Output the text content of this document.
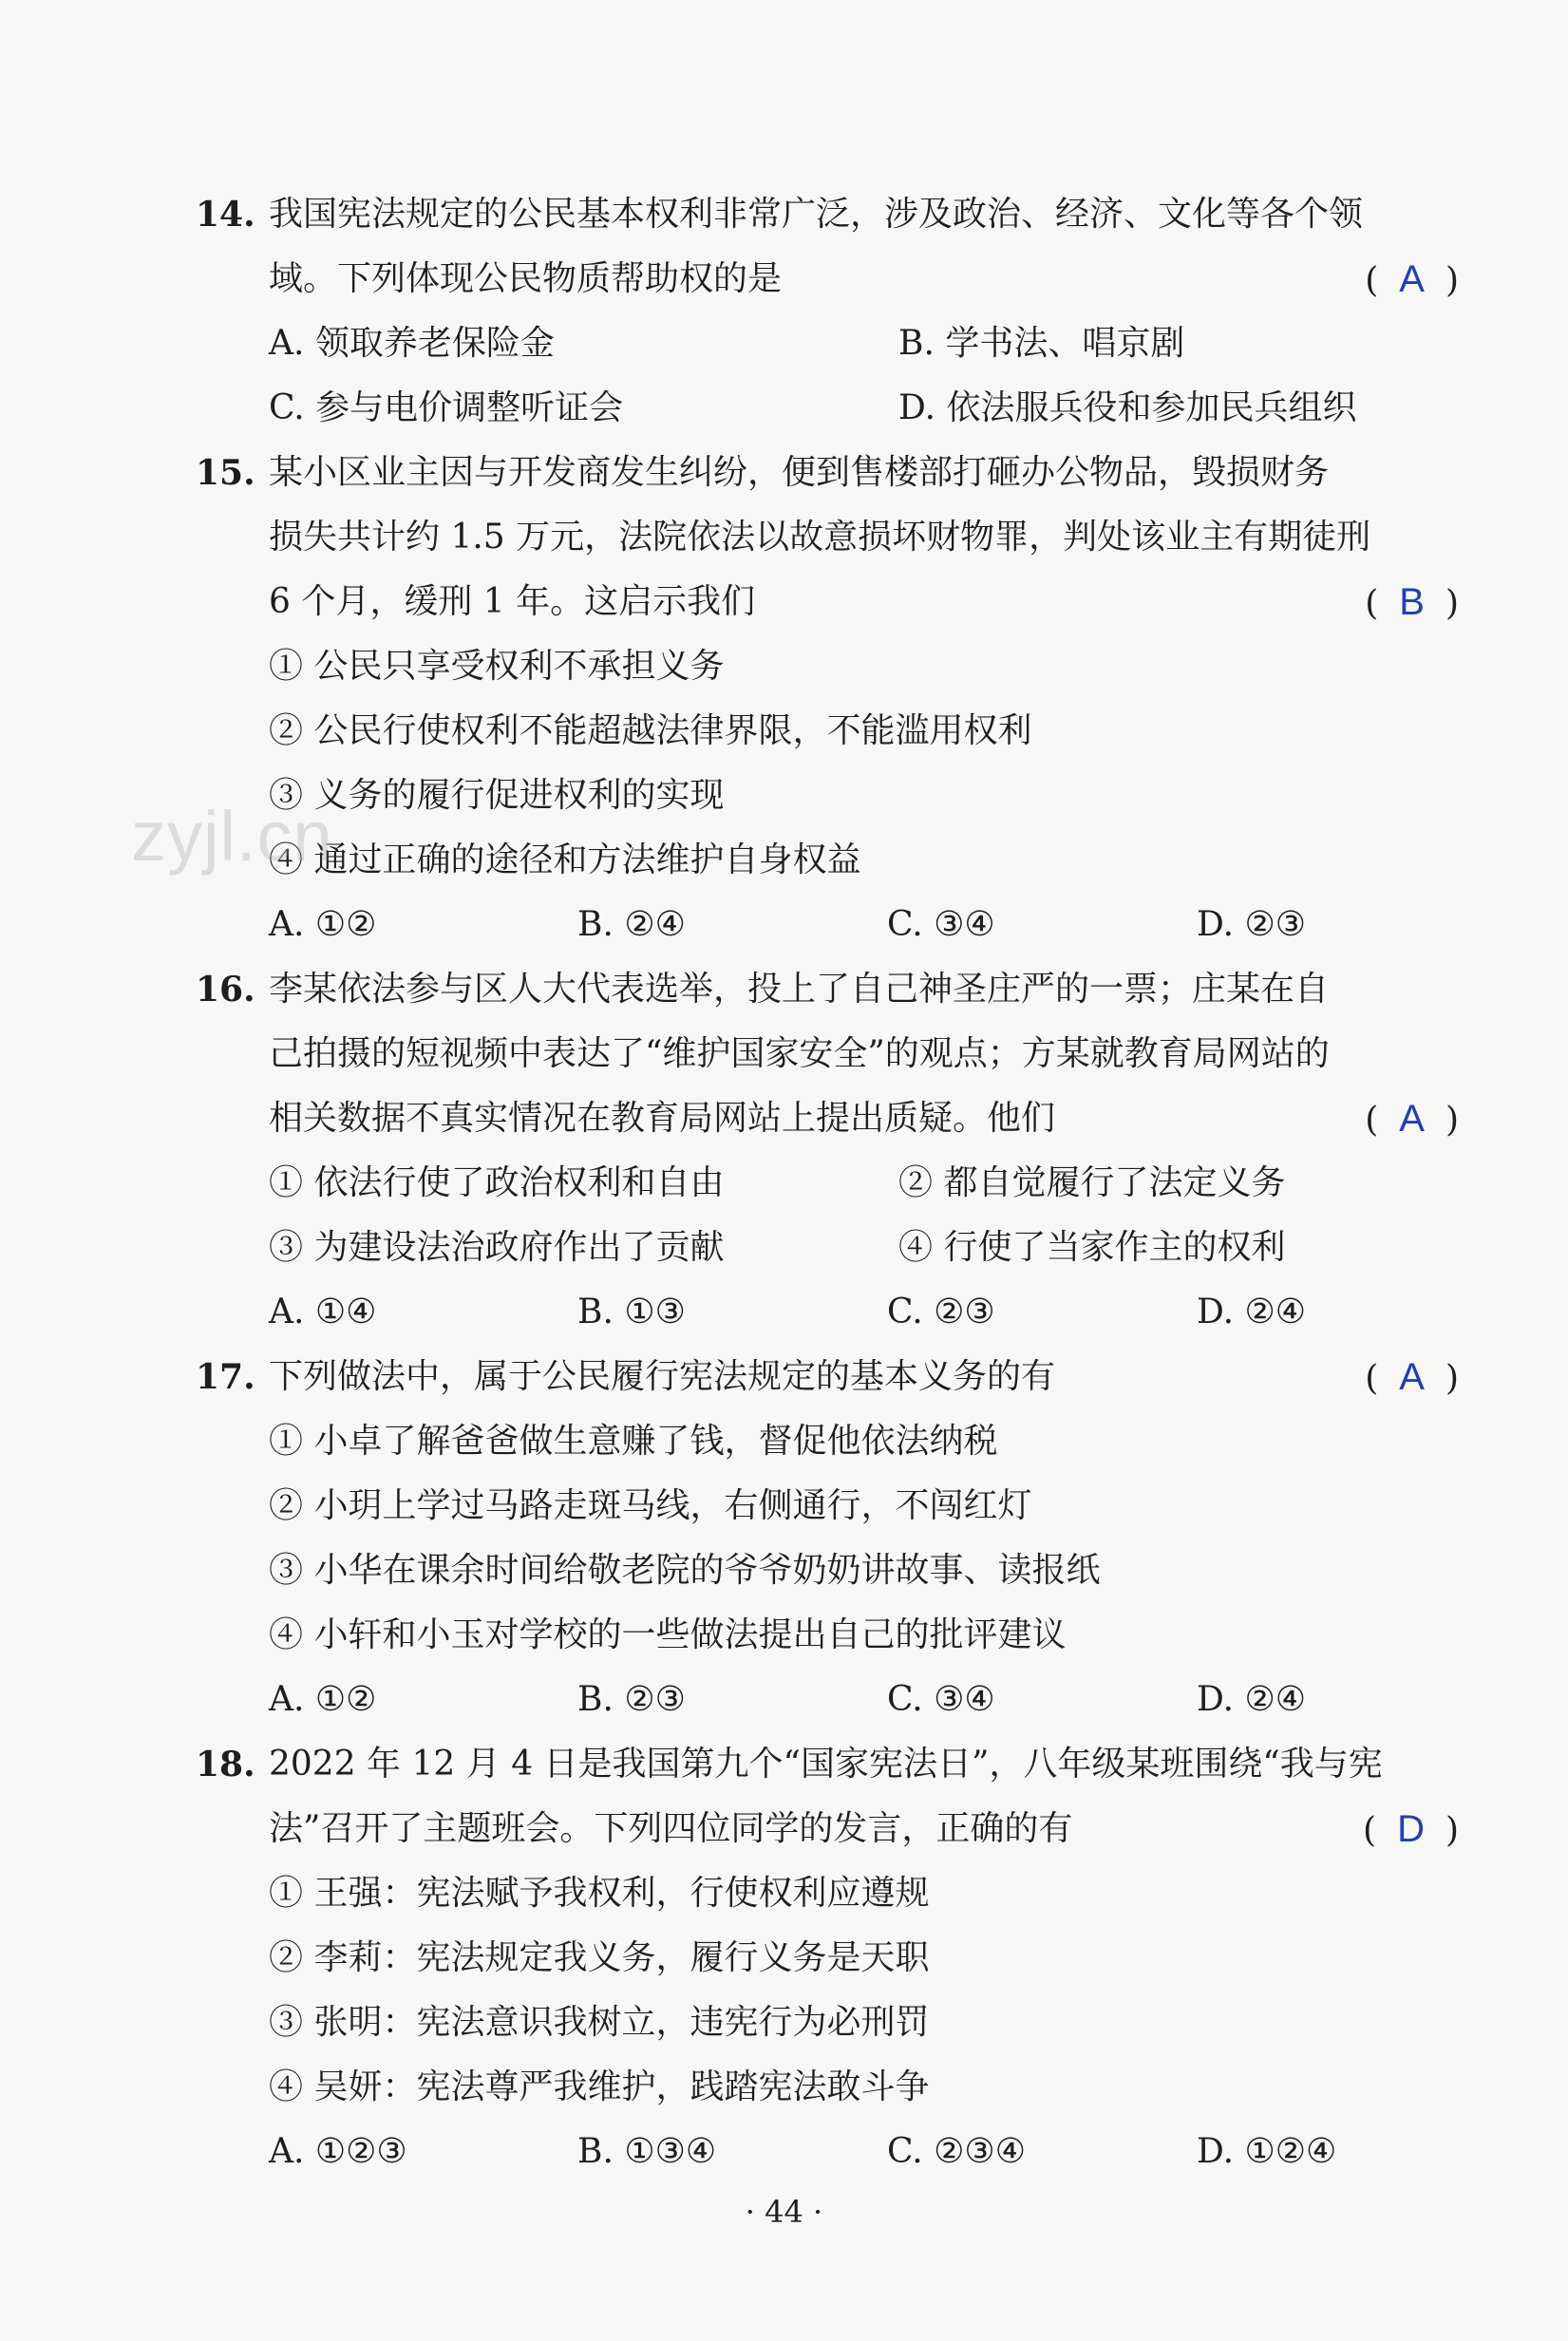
14. 我国宪法规定的公民基本权利非常广泛，涉及政治、经济、文化等各个领
域。下列体现公民物质帮助权的是	( A )
A. 领取养老保险金	B. 学书法、唱京剧
C. 参与电价调整听证会	D. 依法服兵役和参加民兵组织
15. 某小区业主因与开发商发生纠纷，便到售楼部打砸办公物品，毁损财务
损失共计约 1.5 万元，法院依法以故意损坏财物罪，判处该业主有期徒刑
6 个月，缓刑 1 年。这启示我们	( B )
① 公民只享受权利不承担义务
② 公民行使权利不能超越法律界限，不能滥用权利
③ 义务的履行促进权利的实现
④ 通过正确的途径和方法维护自身权益
A. ①②	B. ②④	C. ③④	D. ②③
16. 李某依法参与区人大代表选举，投上了自己神圣庄严的一票；庄某在自
己拍摄的短视频中表达了“维护国家安全”的观点；方某就教育局网站的
相关数据不真实情况在教育局网站上提出质疑。他们	( A )
① 依法行使了政治权利和自由	② 都自觉履行了法定义务
③ 为建设法治政府作出了贡献	④ 行使了当家作主的权利
A. ①④	B. ①③	C. ②③	D. ②④
17. 下列做法中，属于公民履行宪法规定的基本义务的有	( A )
① 小卓了解爸爸做生意赚了钱，督促他依法纳税
② 小玥上学过马路走斑马线，右侧通行，不闯红灯
③ 小华在课余时间给敬老院的爷爷奶奶讲故事、读报纸
④ 小轩和小玉对学校的一些做法提出自己的批评建议
A. ①②	B. ②③	C. ③④	D. ②④
18. 2022 年 12 月 4 日是我国第九个“国家宪法日”，八年级某班围绕“我与宪
法”召开了主题班会。下列四位同学的发言，正确的有	( D )
① 王强：宪法赋予我权利，行使权利应遵规
② 李莉：宪法规定我义务，履行义务是天职
③ 张明：宪法意识我树立，违宪行为必刑罚
④ 吴妍：宪法尊严我维护，践踏宪法敢斗争
A. ①②③	B. ①③④	C. ②③④	D. ①②④
zyjl.cn
· 44 ·
